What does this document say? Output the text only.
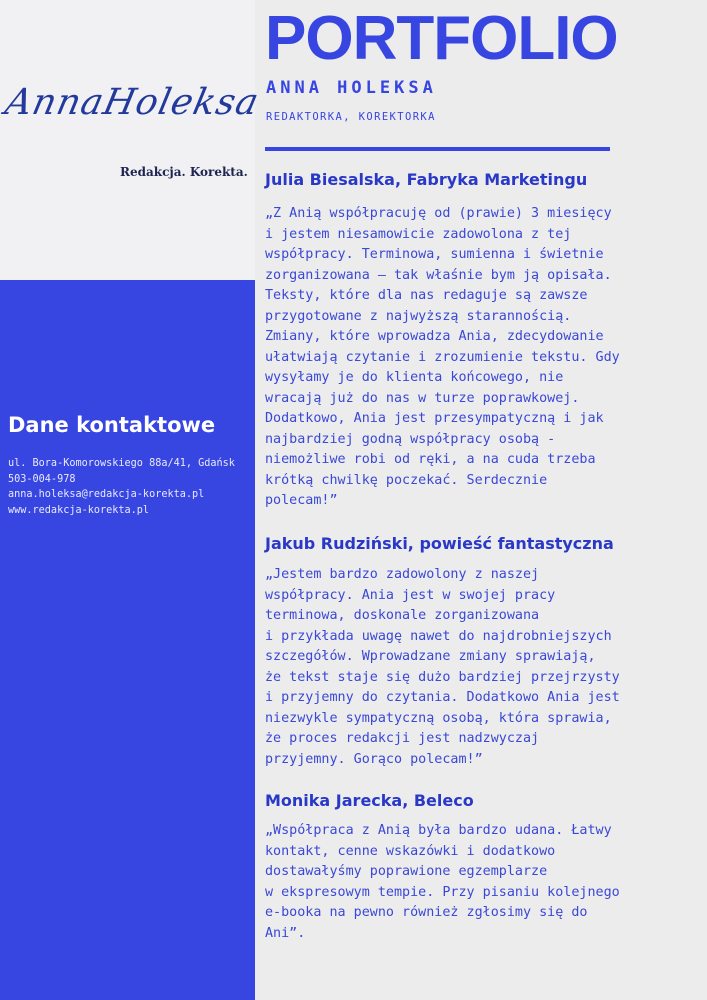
AnnaHoleksa
Redakcja. Korekta.
Dane kontaktowe
ul. Bora-Komorowskiego 88a/41, Gdańsk
503-004-978
anna.holeksa@redakcja-korekta.pl
www.redakcja-korekta.pl
PORTFOLIO
ANNA HOLEKSA
REDAKTORKA, KOREKTORKA
Julia Biesalska, Fabryka Marketingu
„Z Anią współpracuję od (prawie) 3 miesięcy
i jestem niesamowicie zadowolona z tej
współpracy. Terminowa, sumienna i świetnie
zorganizowana – tak właśnie bym ją opisała.
Teksty, które dla nas redaguje są zawsze
przygotowane z najwyższą starannością.
Zmiany, które wprowadza Ania, zdecydowanie
ułatwiają czytanie i zrozumienie tekstu. Gdy
wysyłamy je do klienta końcowego, nie
wracają już do nas w turze poprawkowej.
Dodatkowo, Ania jest przesympatyczną i jak
najbardziej godną współpracy osobą -
niemożliwe robi od ręki, a na cuda trzeba
krótką chwilkę poczekać. Serdecznie
polecam!”
Jakub Rudziński, powieść fantastyczna
„Jestem bardzo zadowolony z naszej
współpracy. Ania jest w swojej pracy
terminowa, doskonale zorganizowana
i przykłada uwagę nawet do najdrobniejszych
szczegółów. Wprowadzane zmiany sprawiają,
że tekst staje się dużo bardziej przejrzysty
i przyjemny do czytania. Dodatkowo Ania jest
niezwykle sympatyczną osobą, która sprawia,
że proces redakcji jest nadzwyczaj
przyjemny. Gorąco polecam!”
Monika Jarecka, Beleco
„Współpraca z Anią była bardzo udana. Łatwy
kontakt, cenne wskazówki i dodatkowo
dostawałyśmy poprawione egzemplarze
w ekspresowym tempie. Przy pisaniu kolejnego
e-booka na pewno również zgłosimy się do
Ani”.
